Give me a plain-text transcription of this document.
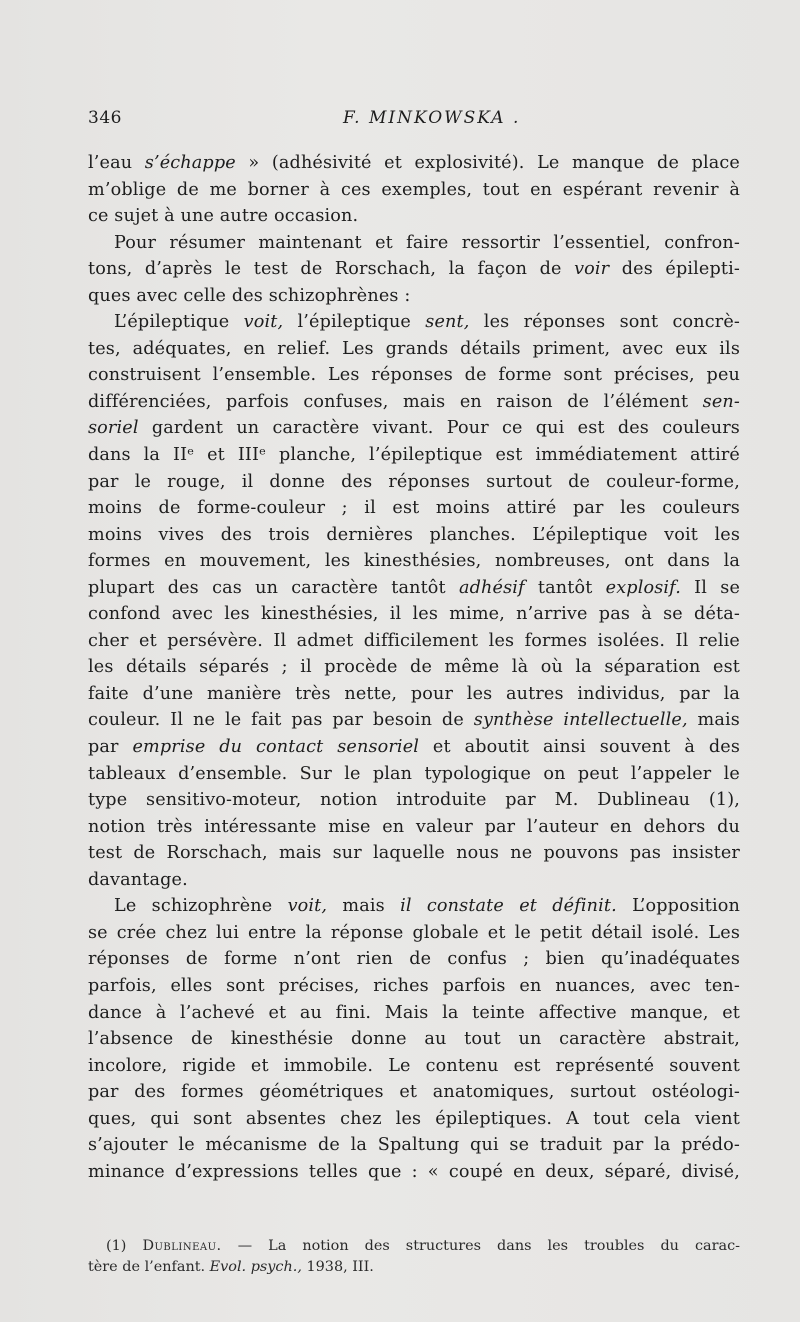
346	F. MINKOWSKA .
l’eau s’échappe » (adhésivité et explosivité). Le manque de place
m’oblige de me borner à ces exemples, tout en espérant revenir à
ce sujet à une autre occasion.
Pour résumer maintenant et faire ressortir l’essentiel, confron-
tons, d’après le test de Rorschach, la façon de voir des épilepti-
ques avec celle des schizophrènes :
L’épileptique voit, l’épileptique sent, les réponses sont concrè-
tes, adéquates, en relief. Les grands détails priment, avec eux ils
construisent l’ensemble. Les réponses de forme sont précises, peu
différenciées, parfois confuses, mais en raison de l’élément sen-
soriel gardent un caractère vivant. Pour ce qui est des couleurs
dans la IIᵉ et IIIᵉ planche, l’épileptique est immédiatement attiré
par le rouge, il donne des réponses surtout de couleur-forme,
moins de forme-couleur ; il est moins attiré par les couleurs
moins vives des trois dernières planches. L’épileptique voit les
formes en mouvement, les kinesthésies, nombreuses, ont dans la
plupart des cas un caractère tantôt adhésif tantôt explosif. Il se
confond avec les kinesthésies, il les mime, n’arrive pas à se déta-
cher et persévère. Il admet difficilement les formes isolées. Il relie
les détails séparés ; il procède de même là où la séparation est
faite d’une manière très nette, pour les autres individus, par la
couleur. Il ne le fait pas par besoin de synthèse intellectuelle, mais
par emprise du contact sensoriel et aboutit ainsi souvent à des
tableaux d’ensemble. Sur le plan typologique on peut l’appeler le
type sensitivo-moteur, notion introduite par M. Dublineau (1),
notion très intéressante mise en valeur par l’auteur en dehors du
test de Rorschach, mais sur laquelle nous ne pouvons pas insister
davantage.
Le schizophrène voit, mais il constate et définit. L’opposition
se crée chez lui entre la réponse globale et le petit détail isolé. Les
réponses de forme n’ont rien de confus ; bien qu’inadéquates
parfois, elles sont précises, riches parfois en nuances, avec ten-
dance à l’achevé et au fini. Mais la teinte affective manque, et
l’absence de kinesthésie donne au tout un caractère abstrait,
incolore, rigide et immobile. Le contenu est représenté souvent
par des formes géométriques et anatomiques, surtout ostéologi-
ques, qui sont absentes chez les épileptiques. A tout cela vient
s’ajouter le mécanisme de la Spaltung qui se traduit par la prédo-
minance d’expressions telles que : « coupé en deux, séparé, divisé,
(1) Dublineau. — La notion des structures dans les troubles du carac-
tère de l’enfant. Evol. psych., 1938, III.
